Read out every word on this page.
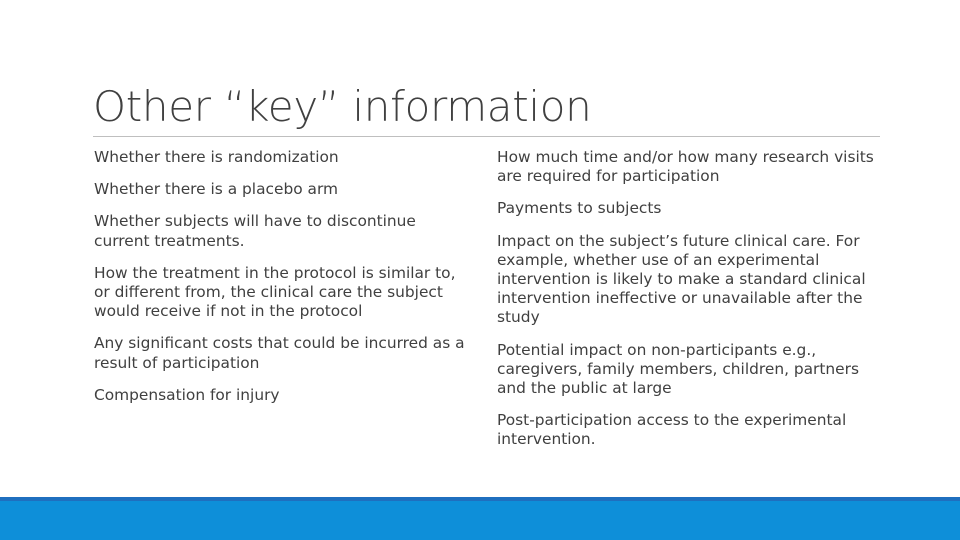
Other “key” information

Whether there is randomization

Whether there is a placebo arm

Whether subjects will have to discontinue current treatments.

How the treatment in the protocol is similar to, or different from, the clinical care the subject would receive if not in the protocol

Any significant costs that could be incurred as a result of participation

Compensation for injury

How much time and/or how many research visits are required for participation

Payments to subjects

Impact on the subject’s future clinical care. For example, whether use of an experimental intervention is likely to make a standard clinical intervention ineffective or unavailable after the study

Potential impact on non-participants e.g., caregivers, family members, children, partners and the public at large

Post-participation access to the experimental intervention.
